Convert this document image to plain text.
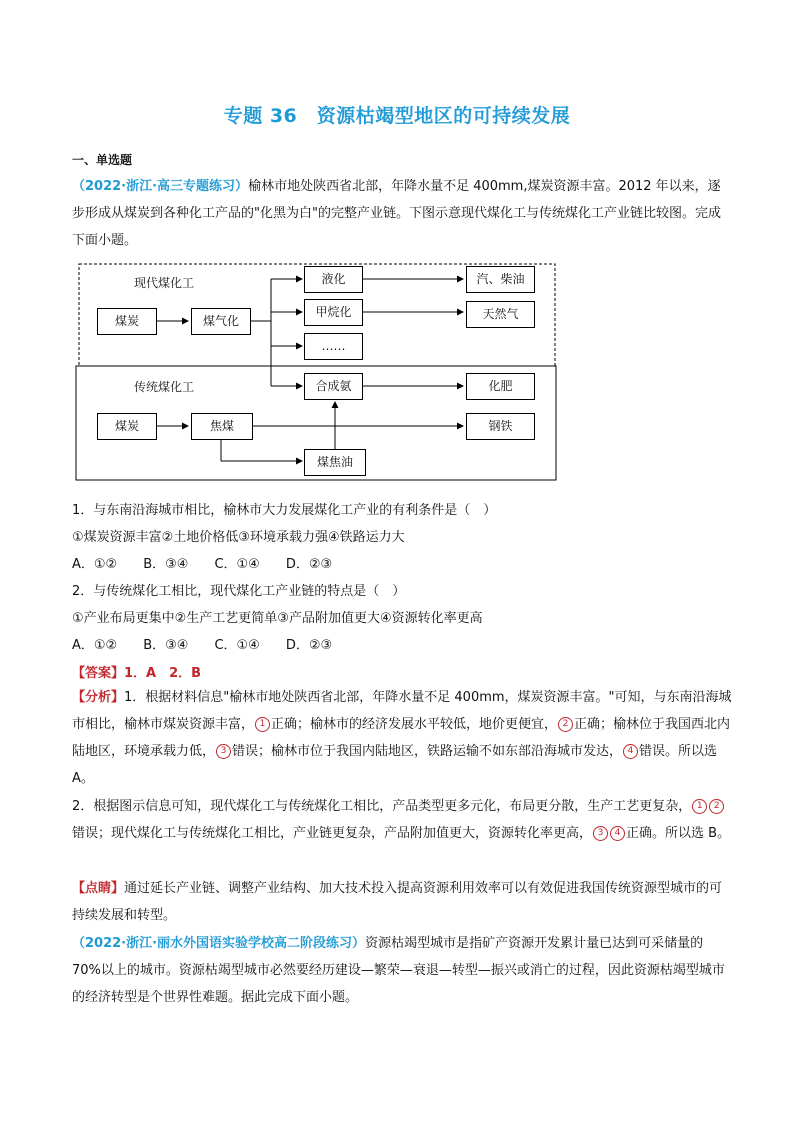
专题 36　资源枯竭型地区的可持续发展
一、单选题
（2022·浙江·高三专题练习）榆林市地处陕西省北部，年降水量不足 400mm,煤炭资源丰富。2012 年以来，逐步形成从煤炭到各种化工产品的"化黑为白"的完整产业链。下图示意现代煤化工与传统煤化工产业链比较图。完成下面小题。
现代煤化工
传统煤化工
煤炭	煤气化
液化
甲烷化
……
汽、柴油
天然气
合成氨	化肥
煤炭	焦煤	钢铁
煤焦油
1．与东南沿海城市相比，榆林市大力发展煤化工产业的有利条件是（　）
①煤炭资源丰富②土地价格低③环境承载力强④铁路运力大
A．①② B．③④ C．①④ D．②③
2．与传统煤化工相比，现代煤化工产业链的特点是（　）
①产业布局更集中②生产工艺更简单③产品附加值更大④资源转化率更高
A．①② B．③④ C．①④ D．②③
【答案】1．A　2．B
【分析】1．根据材料信息"榆林市地处陕西省北部，年降水量不足 400mm，煤炭资源丰富。"可知，与东南沿海城市相比，榆林市煤炭资源丰富， 1 正确；榆林市的经济发展水平较低，地价更便宜， 2 正确；榆林位于我国西北内陆地区，环境承载力低， 3 错误；榆林市位于我国内陆地区，铁路运输不如东部沿海城市发达， 4 错误。所以选 A。
2．根据图示信息可知，现代煤化工与传统煤化工相比，产品类型更多元化，布局更分散，生产工艺更复杂， 1 2错误；现代煤化工与传统煤化工相比，产业链更复杂，产品附加值更大，资源转化率更高， 3 4 正确。所以选 B。
【点睛】通过延长产业链、调整产业结构、加大技术投入提高资源利用效率可以有效促进我国传统资源型城市的可持续发展和转型。
（2022·浙江·丽水外国语实验学校高二阶段练习）资源枯竭型城市是指矿产资源开发累计量已达到可采储量的 70%以上的城市。资源枯竭型城市必然要经历建设—繁荣—衰退—转型—振兴或消亡的过程，因此资源枯竭型城市的经济转型是个世界性难题。据此完成下面小题。
